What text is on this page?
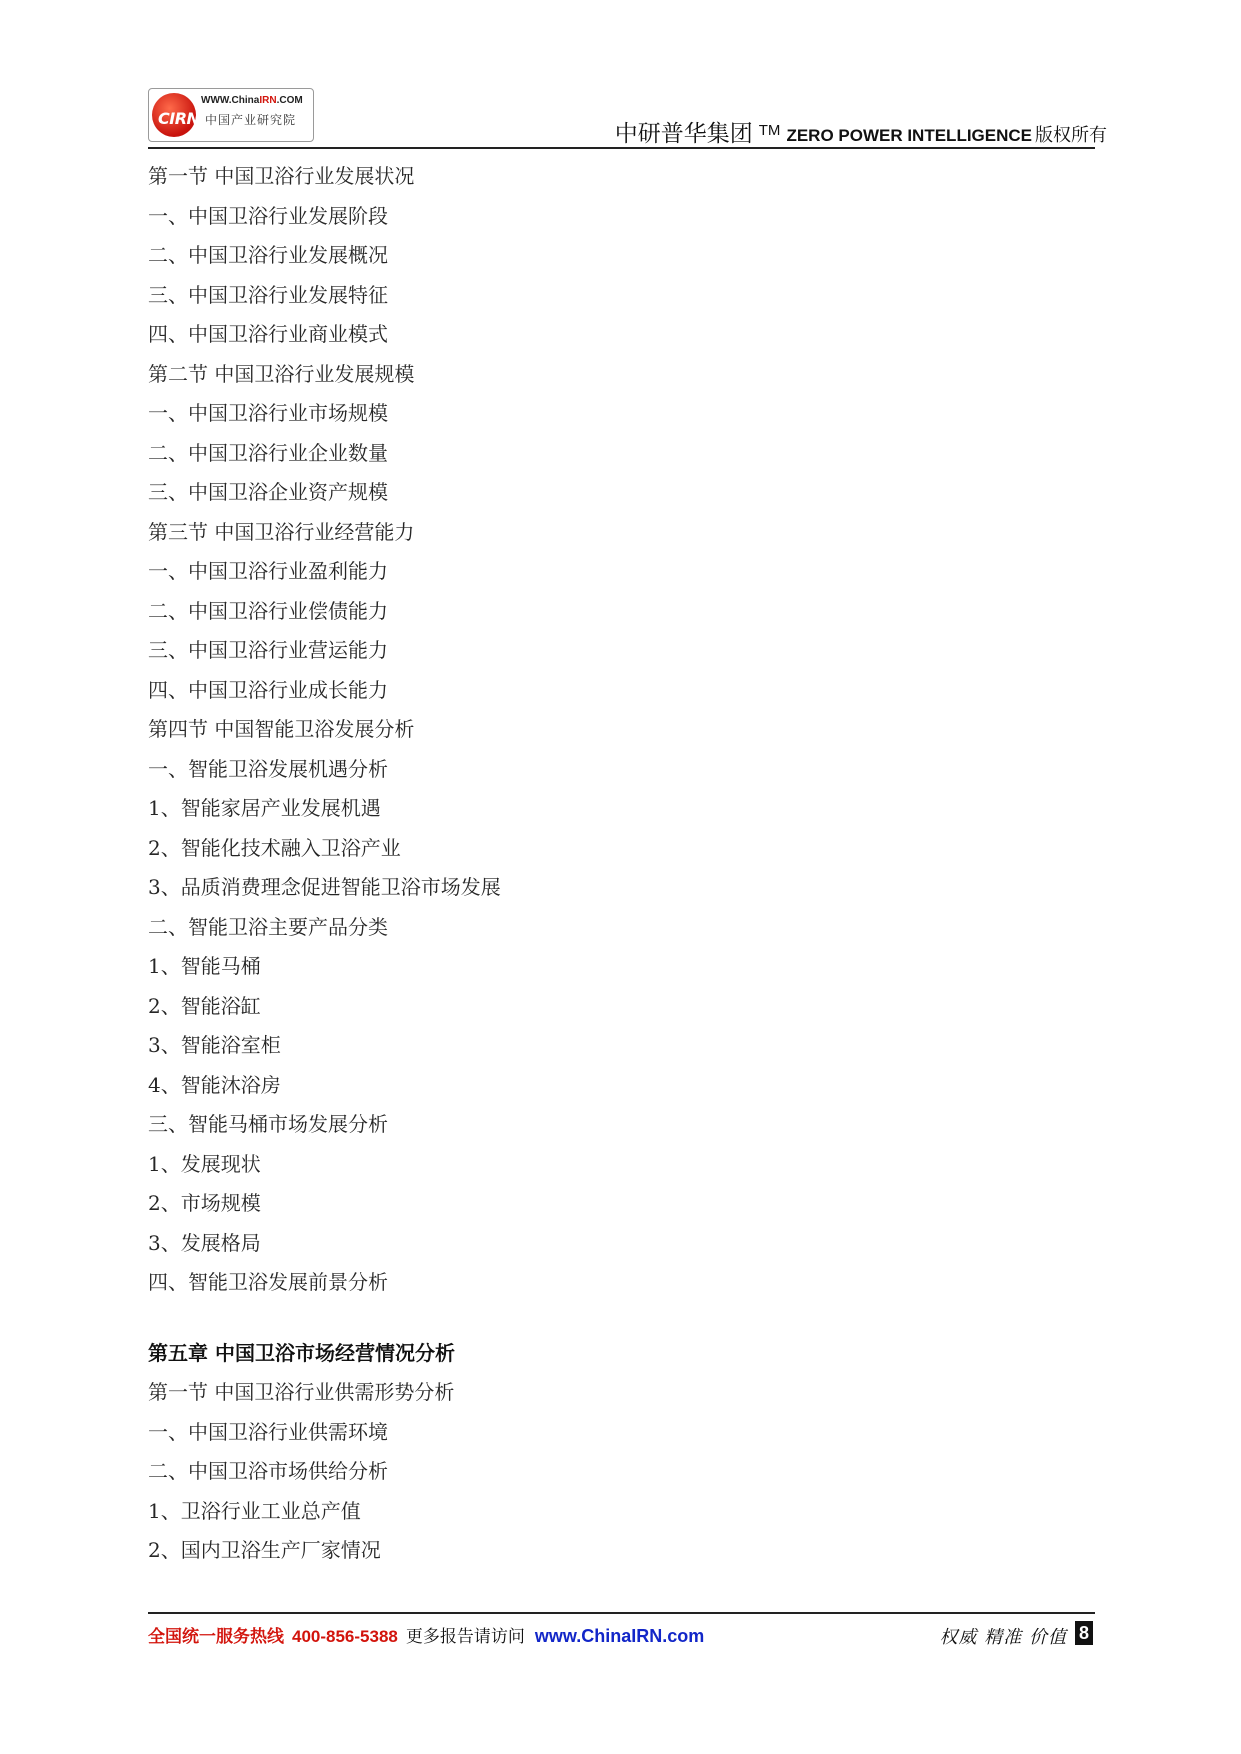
CIRN
WWW.ChinaIRN.COM
中国产业研究院
中研普华集团 TM ZERO POWER INTELLIGENCE 版权所有
第一节 中国卫浴行业发展状况
一、中国卫浴行业发展阶段
二、中国卫浴行业发展概况
三、中国卫浴行业发展特征
四、中国卫浴行业商业模式
第二节 中国卫浴行业发展规模
一、中国卫浴行业市场规模
二、中国卫浴行业企业数量
三、中国卫浴企业资产规模
第三节 中国卫浴行业经营能力
一、中国卫浴行业盈利能力
二、中国卫浴行业偿债能力
三、中国卫浴行业营运能力
四、中国卫浴行业成长能力
第四节 中国智能卫浴发展分析
一、智能卫浴发展机遇分析
1、智能家居产业发展机遇
2、智能化技术融入卫浴产业
3、品质消费理念促进智能卫浴市场发展
二、智能卫浴主要产品分类
1、智能马桶
2、智能浴缸
3、智能浴室柜
4、智能沐浴房
三、智能马桶市场发展分析
1、发展现状
2、市场规模
3、发展格局
四、智能卫浴发展前景分析
第五章 中国卫浴市场经营情况分析
第一节 中国卫浴行业供需形势分析
一、中国卫浴行业供需环境
二、中国卫浴市场供给分析
1、卫浴行业工业总产值
2、国内卫浴生产厂家情况
全国统一服务热线 400-856-5388 更多报告请访问 www.ChinaIRN.com	权威 精准 价值 8
